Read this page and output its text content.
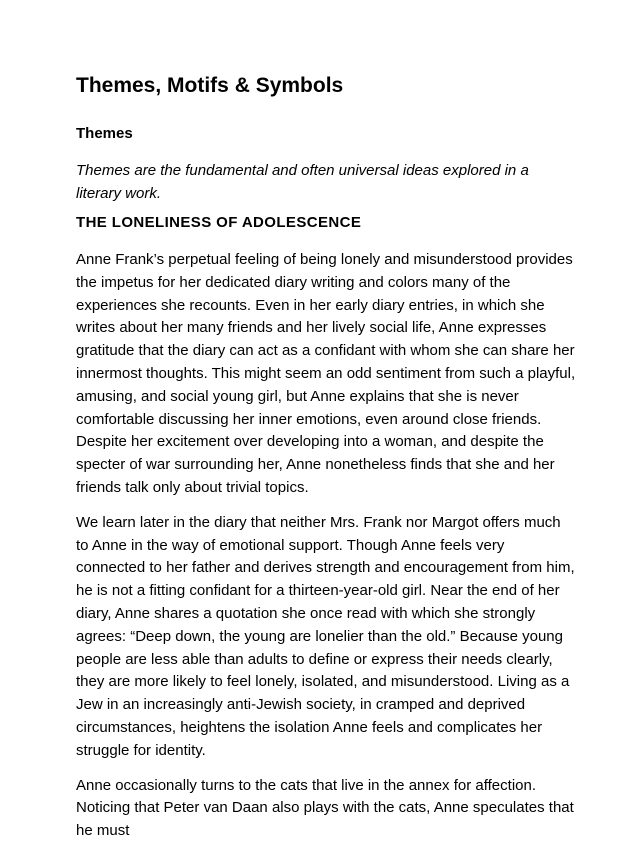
Themes, Motifs & Symbols
Themes

Themes are the fundamental and often universal ideas explored in a literary work.

THE LONELINESS OF ADOLESCENCE

Anne Frank’s perpetual feeling of being lonely and misunderstood provides the impetus for her dedicated diary writing and colors many of the experiences she recounts. Even in her early diary entries, in which she writes about her many friends and her lively social life, Anne expresses gratitude that the diary can act as a confidant with whom she can share her innermost thoughts. This might seem an odd sentiment from such a playful, amusing, and social young girl, but Anne explains that she is never comfortable discussing her inner emotions, even around close friends. Despite her excitement over developing into a woman, and despite the specter of war surrounding her, Anne nonetheless finds that she and her friends talk only about trivial topics.

We learn later in the diary that neither Mrs. Frank nor Margot offers much to Anne in the way of emotional support. Though Anne feels very connected to her father and derives strength and encouragement from him, he is not a fitting confidant for a thirteen-year-old girl. Near the end of her diary, Anne shares a quotation she once read with which she strongly agrees: “Deep down, the young are lonelier than the old.” Because young people are less able than adults to define or express their needs clearly, they are more likely to feel lonely, isolated, and misunderstood. Living as a Jew in an increasingly anti-Jewish society, in cramped and deprived circumstances, heightens the isolation Anne feels and complicates her struggle for identity.

Anne occasionally turns to the cats that live in the annex for affection. Noticing that Peter van Daan also plays with the cats, Anne speculates that he must
